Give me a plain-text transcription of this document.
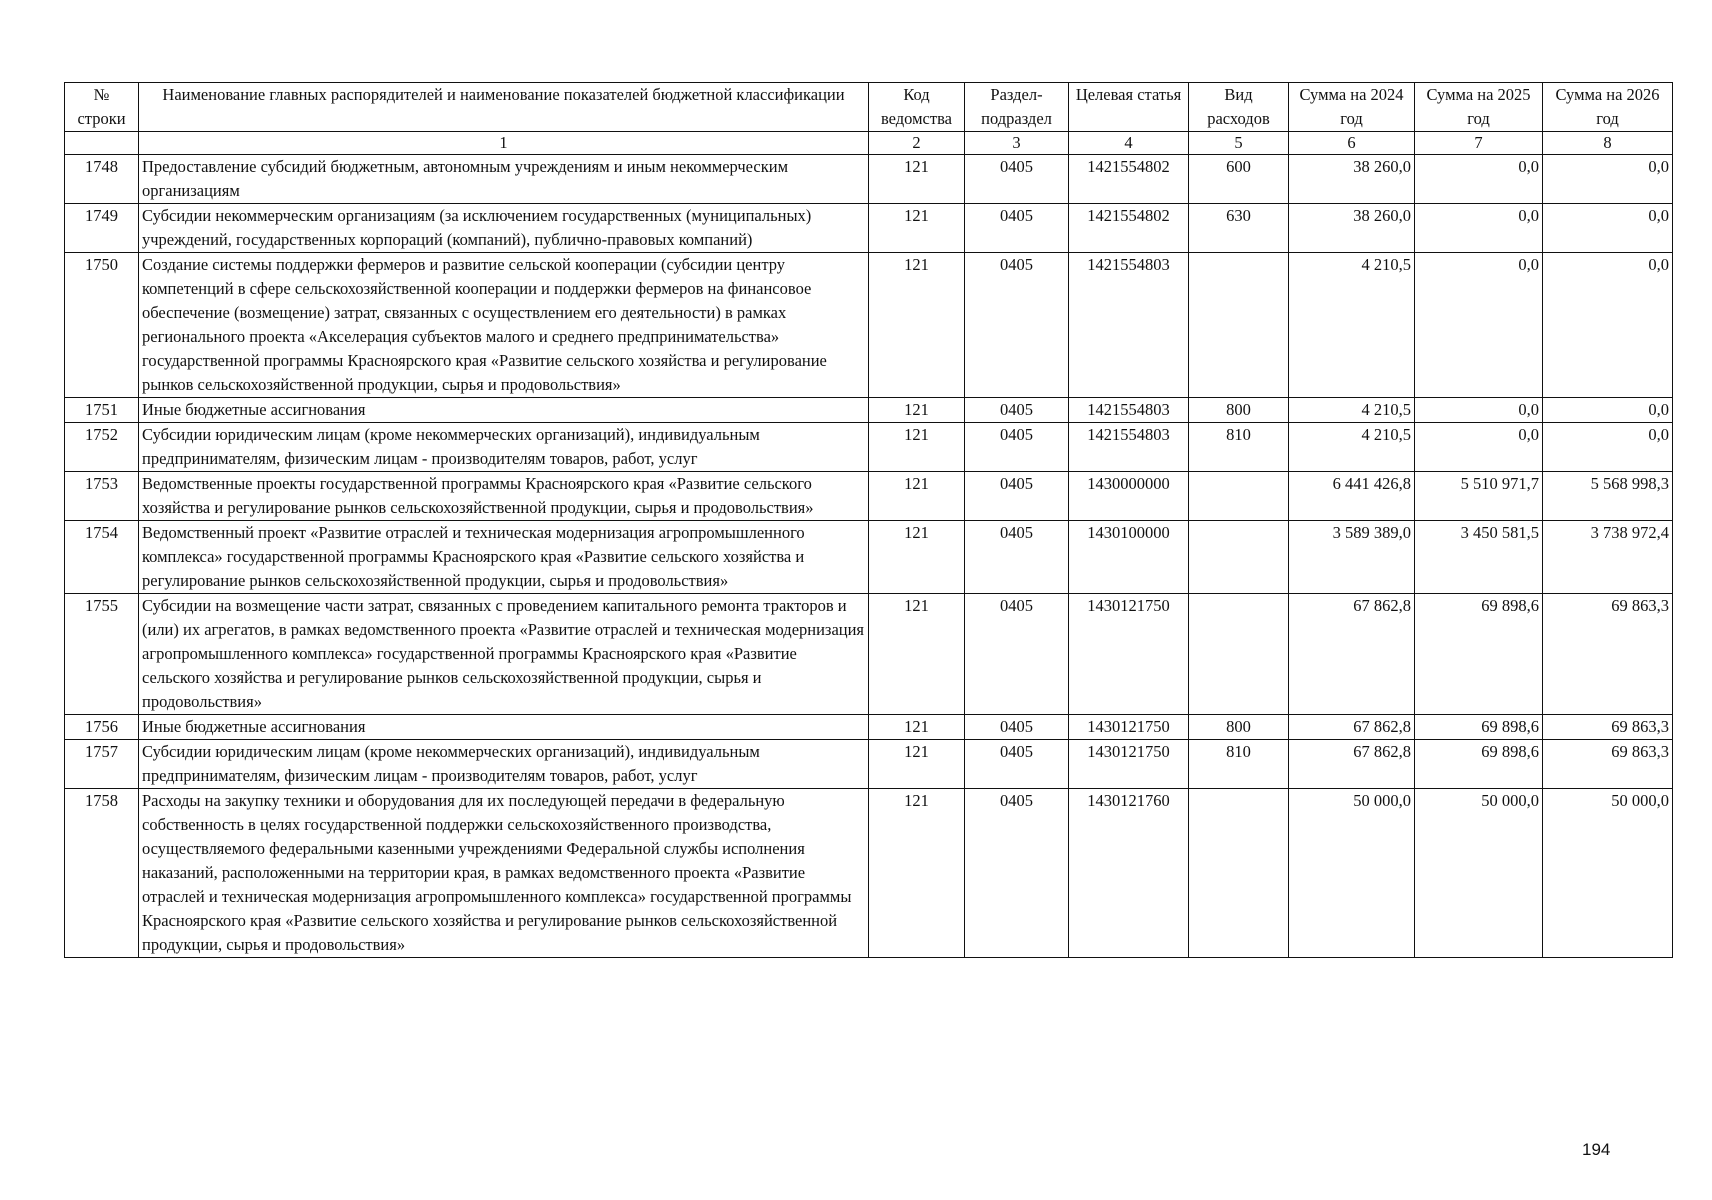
№ строки	Наименование главных распорядителей и наименование показателей бюджетной классификации	Код ведомства	Раздел-подраздел	Целевая статья	Вид расходов	Сумма на 2024 год	Сумма на 2025 год	Сумма на 2026 год
	1	2	3	4	5	6	7	8
1748	Предоставление субсидий бюджетным, автономным учреждениям и иным некоммерческим организациям	121	0405	1421554802	600	38 260,0	0,0	0,0
1749	Субсидии некоммерческим организациям (за исключением государственных (муниципальных) учреждений, государственных корпораций (компаний), публично-правовых компаний)	121	0405	1421554802	630	38 260,0	0,0	0,0
1750	Создание системы поддержки фермеров и развитие сельской кооперации (субсидии центру компетенций в сфере сельскохозяйственной кооперации и поддержки фермеров на финансовое обеспечение (возмещение) затрат, связанных с осуществлением его деятельности) в рамках регионального проекта «Акселерация субъектов малого и среднего предпринимательства» государственной программы Красноярского края «Развитие сельского хозяйства и регулирование рынков сельскохозяйственной продукции, сырья и продовольствия»	121	0405	1421554803		4 210,5	0,0	0,0
1751	Иные бюджетные ассигнования	121	0405	1421554803	800	4 210,5	0,0	0,0
1752	Субсидии юридическим лицам (кроме некоммерческих организаций), индивидуальным предпринимателям, физическим лицам - производителям товаров, работ, услуг	121	0405	1421554803	810	4 210,5	0,0	0,0
1753	Ведомственные проекты государственной программы Красноярского края «Развитие сельского хозяйства и регулирование рынков сельскохозяйственной продукции, сырья и продовольствия»	121	0405	1430000000		6 441 426,8	5 510 971,7	5 568 998,3
1754	Ведомственный проект «Развитие отраслей и техническая модернизация агропромышленного комплекса» государственной программы Красноярского края «Развитие сельского хозяйства и регулирование рынков сельскохозяйственной продукции, сырья и продовольствия»	121	0405	1430100000		3 589 389,0	3 450 581,5	3 738 972,4
1755	Субсидии на возмещение части затрат, связанных с проведением капитального ремонта тракторов и (или) их агрегатов, в рамках ведомственного проекта «Развитие отраслей и техническая модернизация агропромышленного комплекса» государственной программы Красноярского края «Развитие сельского хозяйства и регулирование рынков сельскохозяйственной продукции, сырья и продовольствия»	121	0405	1430121750		67 862,8	69 898,6	69 863,3
1756	Иные бюджетные ассигнования	121	0405	1430121750	800	67 862,8	69 898,6	69 863,3
1757	Субсидии юридическим лицам (кроме некоммерческих организаций), индивидуальным предпринимателям, физическим лицам - производителям товаров, работ, услуг	121	0405	1430121750	810	67 862,8	69 898,6	69 863,3
1758	Расходы на закупку техники и оборудования для их последующей передачи в федеральную собственность в целях государственной поддержки сельскохозяйственного производства, осуществляемого федеральными казенными учреждениями Федеральной службы исполнения наказаний, расположенными на территории края, в рамках ведомственного проекта «Развитие отраслей и техническая модернизация агропромышленного комплекса» государственной программы Красноярского края «Развитие сельского хозяйства и регулирование рынков сельскохозяйственной продукции, сырья и продовольствия»	121	0405	1430121760		50 000,0	50 000,0	50 000,0
194
